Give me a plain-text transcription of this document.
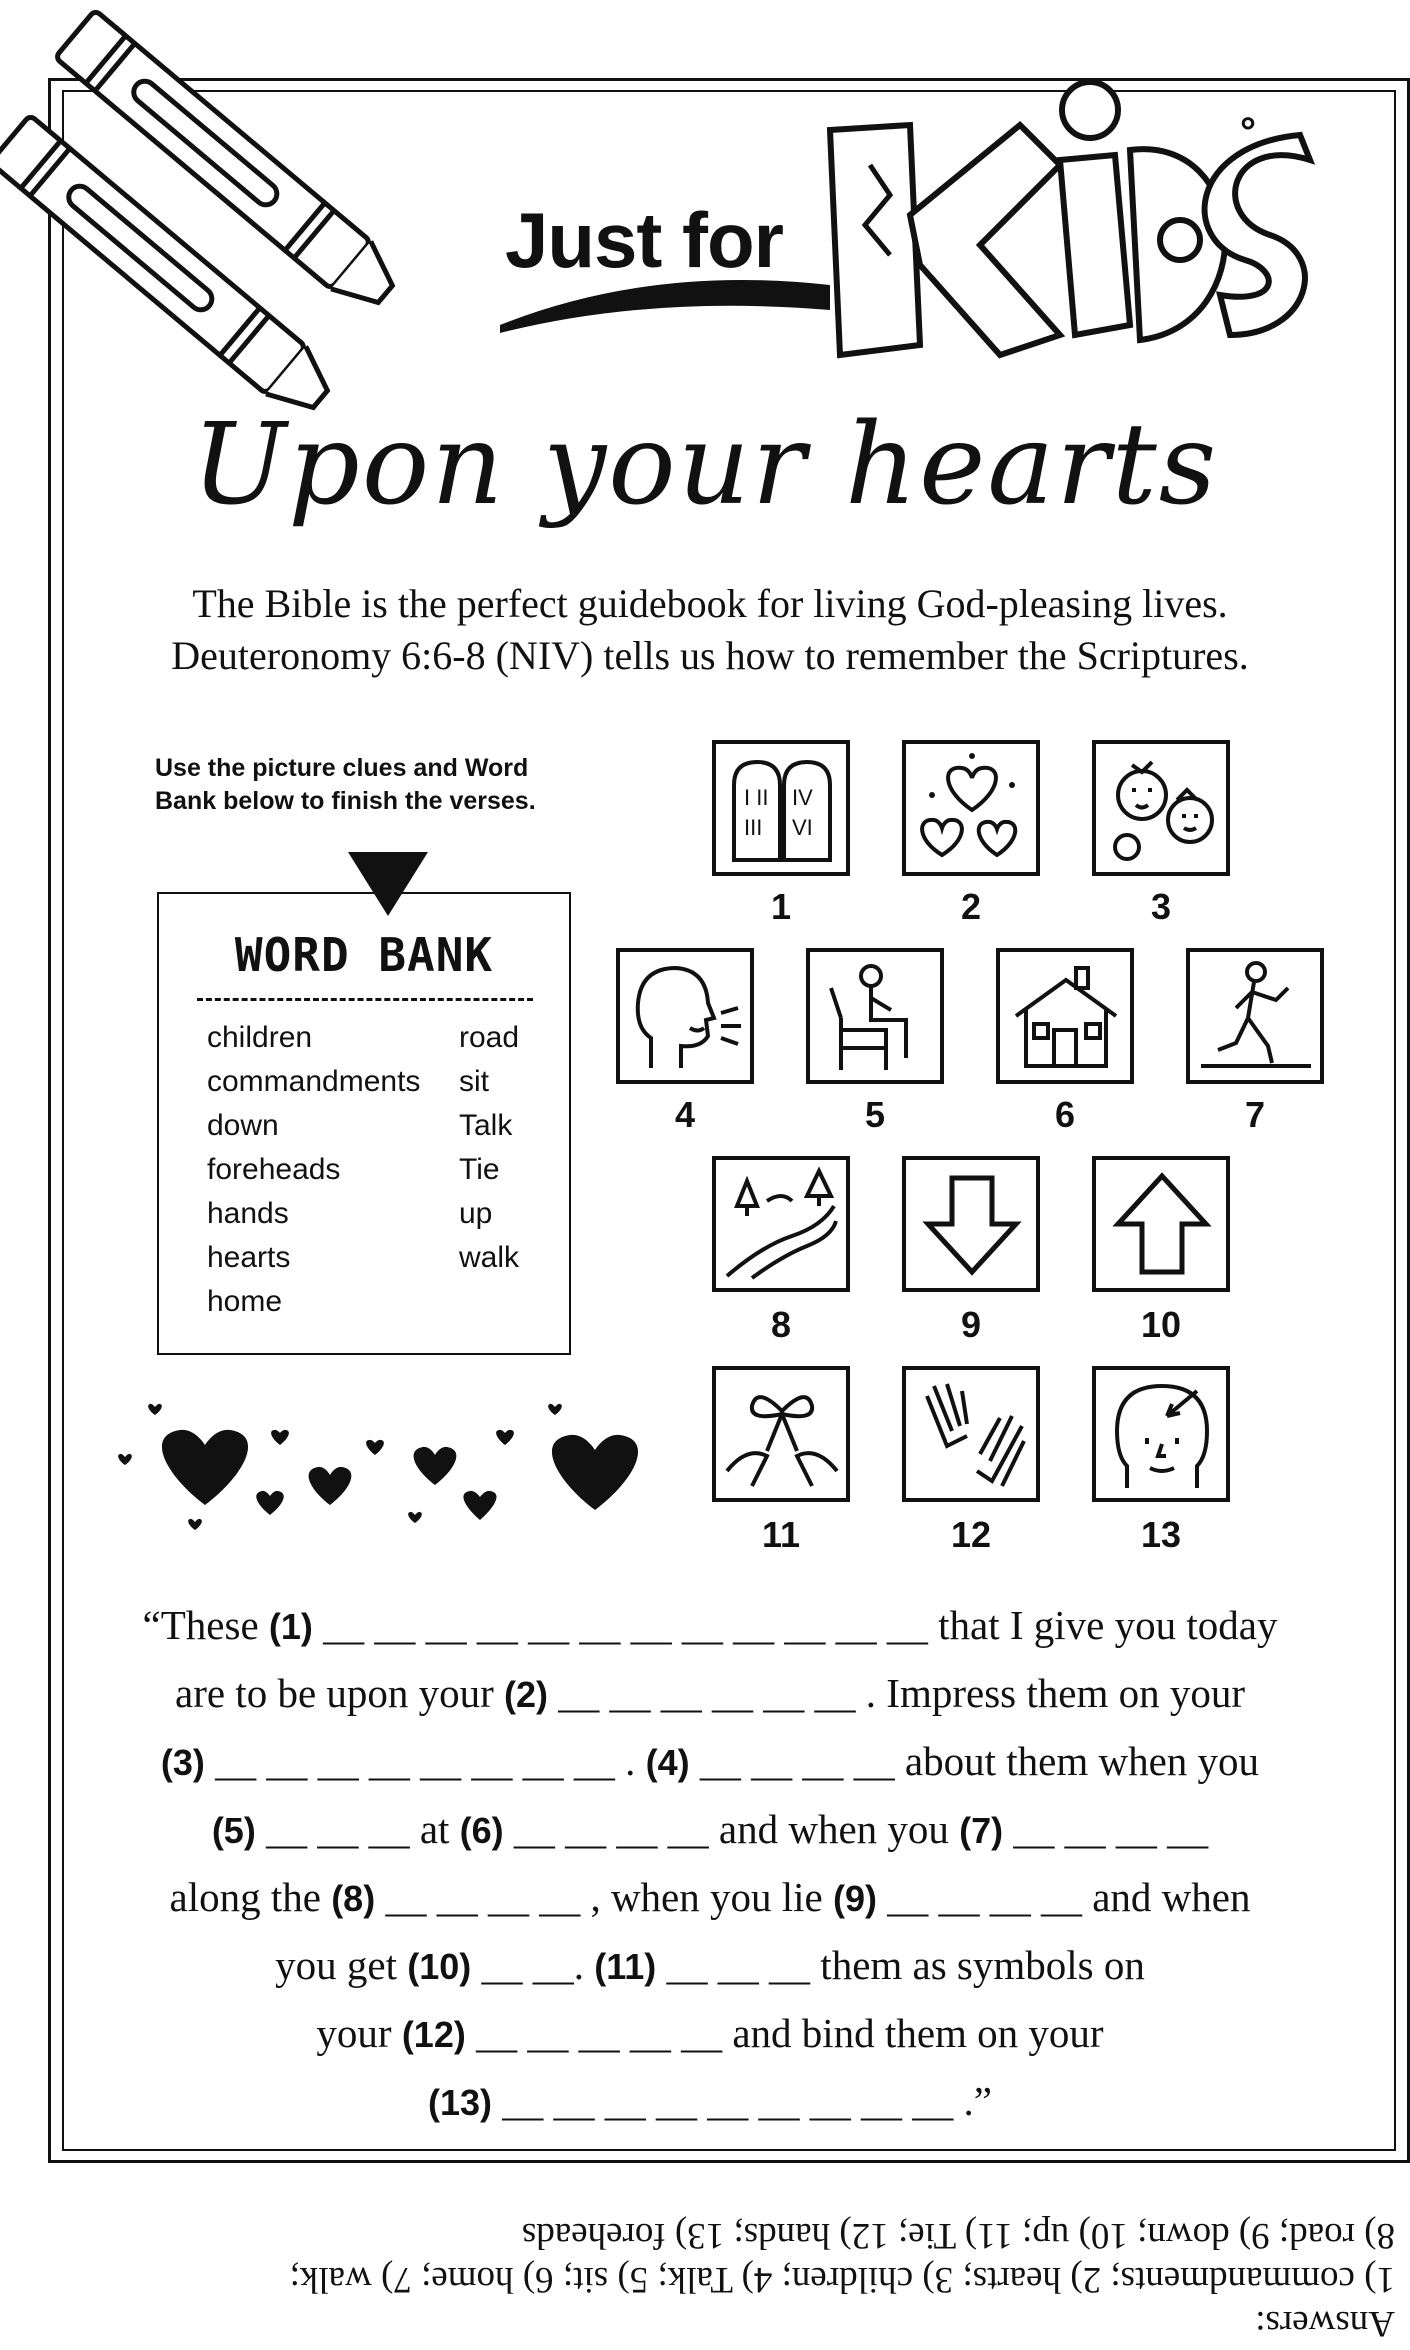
Just for
°
Upon your hearts
The Bible is the perfect guidebook for living God-pleasing lives.
Deuteronomy 6:6-8 (NIV) tells us how to remember the Scriptures.
Use the picture clues and Word
Bank below to finish the verses.
WORD BANK
children
commandments
down
foreheads
hands
hearts
home
road
sit
Talk
Tie
up
walk
I II
III
IV
VI
1	2	3
4	5	6	7
8	9	10
11	12	13
“These (1) __ __ __ __ __ __ __ __ __ __ __ __ that I give you today
are to be upon your (2) __ __ __ __ __ __ . Impress them on your
(3) __ __ __ __ __ __ __ __ . (4) __ __ __ __ about them when you
(5) __ __ __ at (6) __ __ __ __ and when you (7) __ __ __ __
along the (8) __ __ __ __ , when you lie (9) __ __ __ __ and when
you get (10) __ __. (11) __ __ __ them as symbols on
your (12) __ __ __ __ __ and bind them on your
(13) __ __ __ __ __ __ __ __ __ .”
Answers:
1) commandments; 2) hearts; 3) children; 4) Talk; 5) sit; 6) home; 7) walk;
8) road; 9) down; 10) up; 11) Tie; 12) hands; 13) foreheads
